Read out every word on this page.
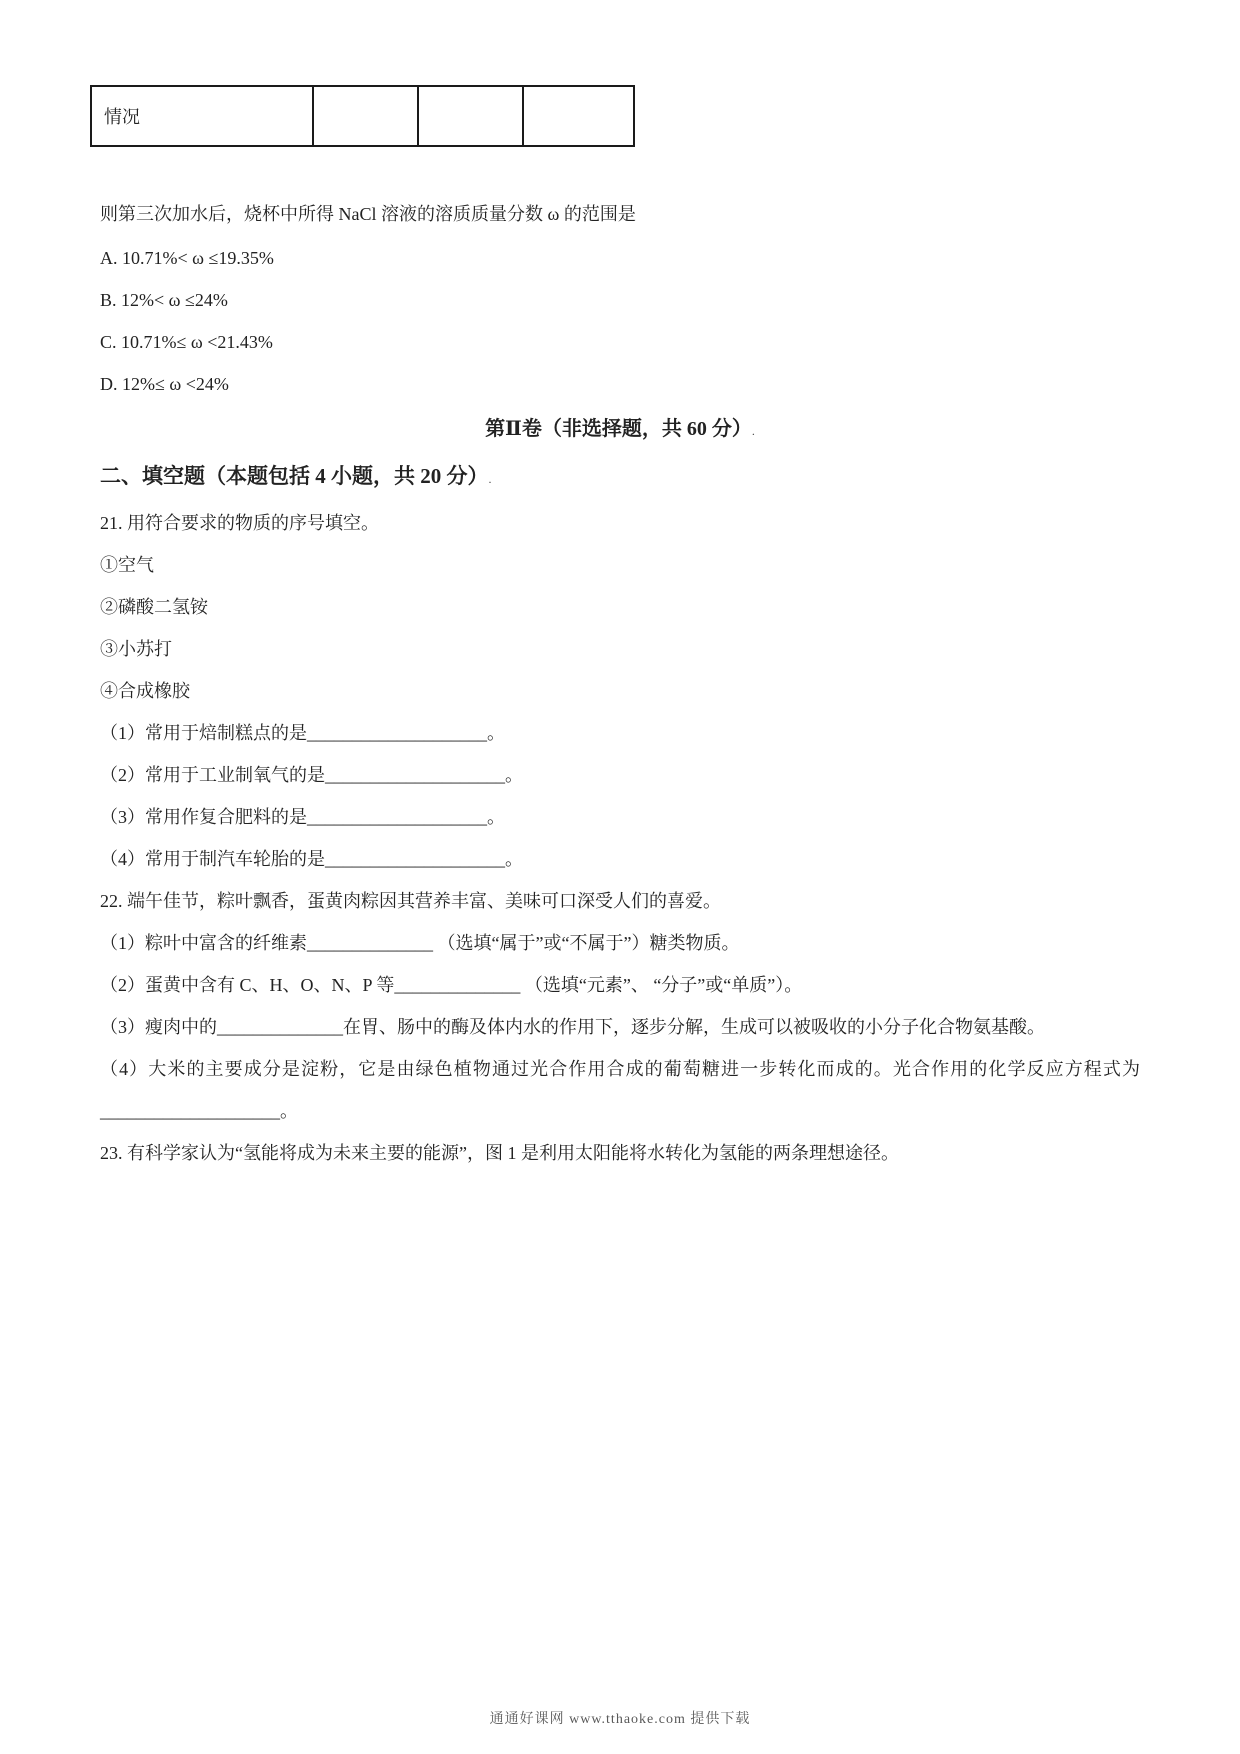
情况			

则第三次加水后，烧杯中所得 NaCl 溶液的溶质质量分数 ω 的范围是

A. 10.71%< ω ≤19.35%

B. 12%< ω ≤24%

C. 10.71%≤ ω <21.43%

D. 12%≤ ω <24%

第Ⅱ卷（非选择题，共 60 分）.
二、填空题（本题包括 4 小题，共 20 分）.

21. 用符合要求的物质的序号填空。

①空气

②磷酸二氢铵

③小苏打

④合成橡胶

（1）常用于焙制糕点的是____________________。

（2）常用于工业制氧气的是____________________。

（3）常用作复合肥料的是____________________。

（4）常用于制汽车轮胎的是____________________。

22. 端午佳节，粽叶飘香，蛋黄肉粽因其营养丰富、美味可口深受人们的喜爱。

（1）粽叶中富含的纤维素______________ （选填“属于”或“不属于”）糖类物质。

（2）蛋黄中含有 C、H、O、N、P 等______________ （选填“元素”、 “分子”或“单质”）。

（3）瘦肉中的______________在胃、肠中的酶及体内水的作用下，逐步分解，生成可以被吸收的小分子化合物氨基酸。

（4）大米的主要成分是淀粉，它是由绿色植物通过光合作用合成的葡萄糖进一步转化而成的。光合作用的化学反应方程式为____________________。

23. 有科学家认为“氢能将成为未来主要的能源”，图 1 是利用太阳能将水转化为氢能的两条理想途径。

通通好课网 www.tthaoke.com 提供下载
